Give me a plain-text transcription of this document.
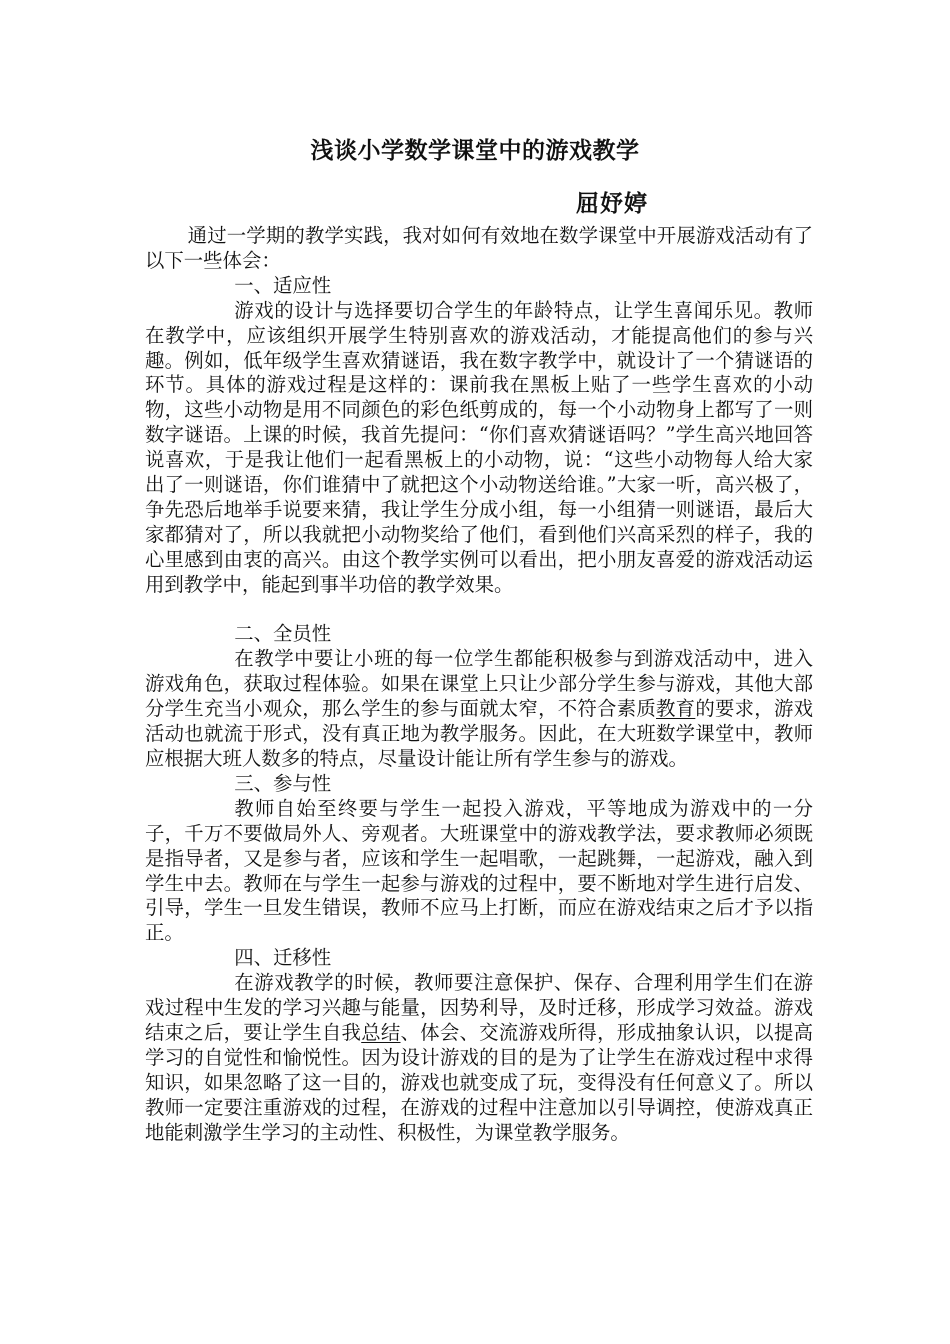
浅谈小学数学课堂中的游戏教学
屈妤婷

通过一学期的教学实践，我对如何有效地在数学课堂中开展游戏活动有了以下一些体会：

一、适应性

游戏的设计与选择要切合学生的年龄特点，让学生喜闻乐见。教师在教学中，应该组织开展学生特别喜欢的游戏活动，才能提高他们的参与兴趣。例如，低年级学生喜欢猜谜语，我在数字教学中，就设计了一个猜谜语的环节。具体的游戏过程是这样的：课前我在黑板上贴了一些学生喜欢的小动物，这些小动物是用不同颜色的彩色纸剪成的，每一个小动物身上都写了一则数字谜语。上课的时候，我首先提问：“你们喜欢猜谜语吗？”学生高兴地回答说喜欢，于是我让他们一起看黑板上的小动物，说：“这些小动物每人给大家出了一则谜语，你们谁猜中了就把这个小动物送给谁。”大家一听，高兴极了，争先恐后地举手说要来猜，我让学生分成小组，每一小组猜一则谜语，最后大家都猜对了，所以我就把小动物奖给了他们，看到他们兴高采烈的样子，我的心里感到由衷的高兴。由这个教学实例可以看出，把小朋友喜爱的游戏活动运用到教学中，能起到事半功倍的教学效果。

二、全员性

在教学中要让小班的每一位学生都能积极参与到游戏活动中，进入游戏角色，获取过程体验。如果在课堂上只让少部分学生参与游戏，其他大部分学生充当小观众，那么学生的参与面就太窄，不符合素质教育的要求，游戏活动也就流于形式，没有真正地为教学服务。因此，在大班数学课堂中，教师应根据大班人数多的特点，尽量设计能让所有学生参与的游戏。

三、参与性

教师自始至终要与学生一起投入游戏，平等地成为游戏中的一分子，千万不要做局外人、旁观者。大班课堂中的游戏教学法，要求教师必须既是指导者，又是参与者，应该和学生一起唱歌，一起跳舞，一起游戏，融入到学生中去。教师在与学生一起参与游戏的过程中，要不断地对学生进行启发、引导，学生一旦发生错误，教师不应马上打断，而应在游戏结束之后才予以指正。

四、迁移性

在游戏教学的时候，教师要注意保护、保存、合理利用学生们在游戏过程中生发的学习兴趣与能量，因势利导，及时迁移，形成学习效益。游戏结束之后，要让学生自我总结、体会、交流游戏所得，形成抽象认识，以提高学习的自觉性和愉悦性。因为设计游戏的目的是为了让学生在游戏过程中求得知识，如果忽略了这一目的，游戏也就变成了玩，变得没有任何意义了。所以教师一定要注重游戏的过程，在游戏的过程中注意加以引导调控，使游戏真正地能刺激学生学习的主动性、积极性，为课堂教学服务。
